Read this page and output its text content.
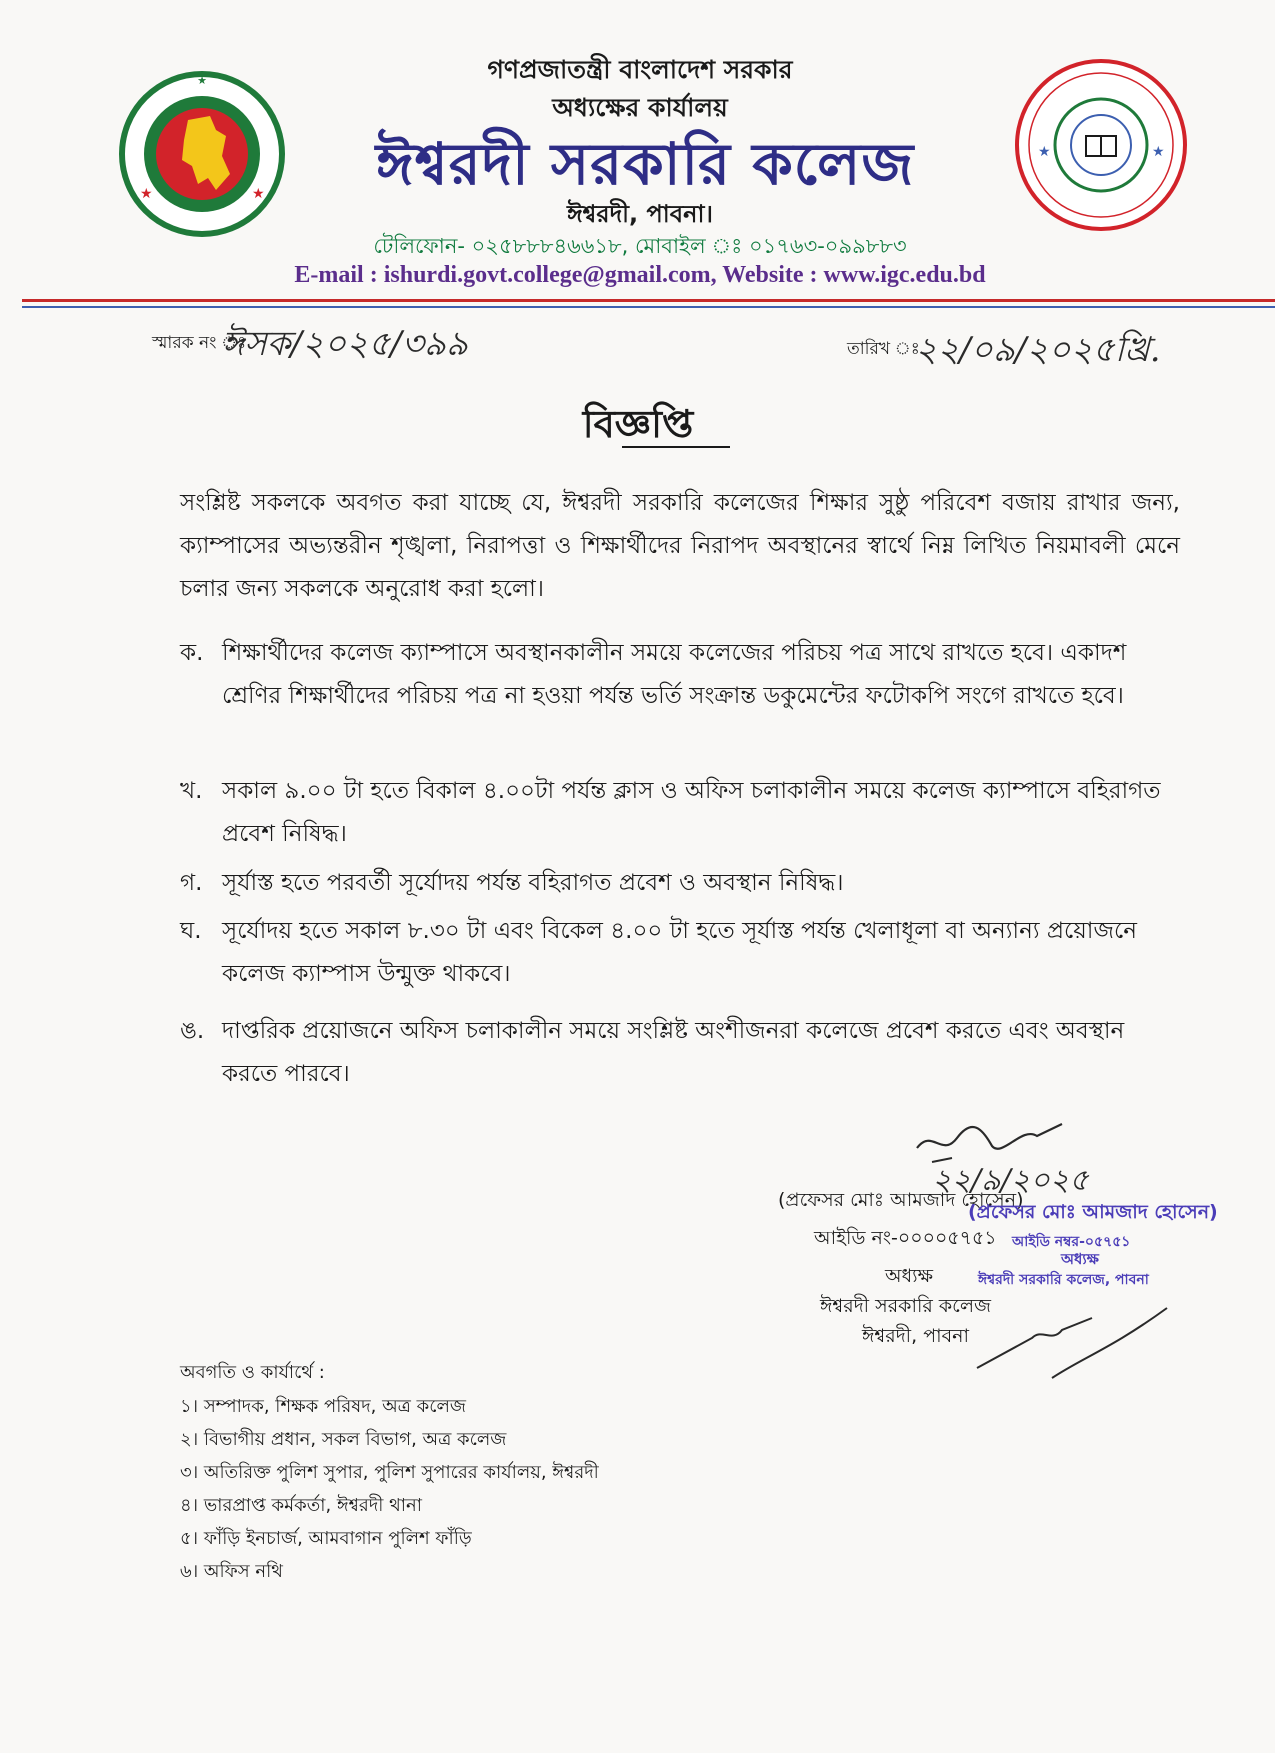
★
★	★
গণপ্রজাতন্ত্রী বাংলাদেশ সরকার
অধ্যক্ষের কার্যালয়
ঈশ্বরদী সরকারি কলেজ
ঈশ্বরদী, পাবনা।
টেলিফোন- ০২৫৮৮৮৪৬৬১৮, মোবাইল ঃ ০১৭৬৩-০৯৯৮৮৩
E-mail : ishurdi.govt.college@gmail.com, Website : www.igc.edu.bd
★	★
স্মারক নং ঃ
ঈসক/২০২৫/৩৯৯	তারিখ ঃ
২২/০৯/২০২৫খ্রি.
বিজ্ঞপ্তি
সংশ্লিষ্ট সকলকে অবগত করা যাচ্ছে যে, ঈশ্বরদী সরকারি কলেজের শিক্ষার সুষ্ঠু পরিবেশ বজায় রাখার জন্য, ক্যাম্পাসের অভ্যন্তরীন শৃঙ্খলা, নিরাপত্তা ও শিক্ষার্থীদের নিরাপদ অবস্থানের স্বার্থে নিম্ন লিখিত নিয়মাবলী মেনে চলার জন্য সকলকে অনুরোধ করা হলো।
ক. শিক্ষার্থীদের কলেজ ক্যাম্পাসে অবস্থানকালীন সময়ে কলেজের পরিচয় পত্র সাথে রাখতে হবে। একাদশ শ্রেণির শিক্ষার্থীদের পরিচয় পত্র না হওয়া পর্যন্ত ভর্তি সংক্রান্ত ডকুমেন্টের ফটোকপি সংগে রাখতে হবে।
খ. সকাল ৯.০০ টা হতে বিকাল ৪.০০টা পর্যন্ত ক্লাস ও অফিস চলাকালীন সময়ে কলেজ ক্যাম্পাসে বহিরাগত প্রবেশ নিষিদ্ধ।
গ. সূর্যাস্ত হতে পরবর্তী সূর্যোদয় পর্যন্ত বহিরাগত প্রবেশ ও অবস্থান নিষিদ্ধ।
ঘ. সূর্যোদয় হতে সকাল ৮.৩০ টা এবং বিকেল ৪.০০ টা হতে সূর্যাস্ত পর্যন্ত খেলাধূলা বা অন্যান্য প্রয়োজনে কলেজ ক্যাম্পাস উন্মুক্ত থাকবে।
ঙ. দাপ্তরিক প্রয়োজনে অফিস চলাকালীন সময়ে সংশ্লিষ্ট অংশীজনরা কলেজে প্রবেশ করতে এবং অবস্থান করতে পারবে।
২২/৯/২০২৫
(প্রফেসর মোঃ আমজাদ হোসেন)
(প্রফেসর মোঃ আমজাদ হোসেন)
আইডি নং-০০০০৫৭৫১ আইডি নম্বর-০৫৭৫১
অধ্যক্ষ
অধ্যক্ষ	ঈশ্বরদী সরকারি কলেজ, পাবনা
ঈশ্বরদী সরকারি কলেজ
ঈশ্বরদী, পাবনা
অবগতি ও কার্যার্থে :
১। সম্পাদক, শিক্ষক পরিষদ, অত্র কলেজ
২। বিভাগীয় প্রধান, সকল বিভাগ, অত্র কলেজ
৩। অতিরিক্ত পুলিশ সুপার, পুলিশ সুপারের কার্যালয়, ঈশ্বরদী
৪। ভারপ্রাপ্ত কর্মকর্তা, ঈশ্বরদী থানা
৫। ফাঁড়ি ইনচার্জ, আমবাগান পুলিশ ফাঁড়ি
৬। অফিস নথি
